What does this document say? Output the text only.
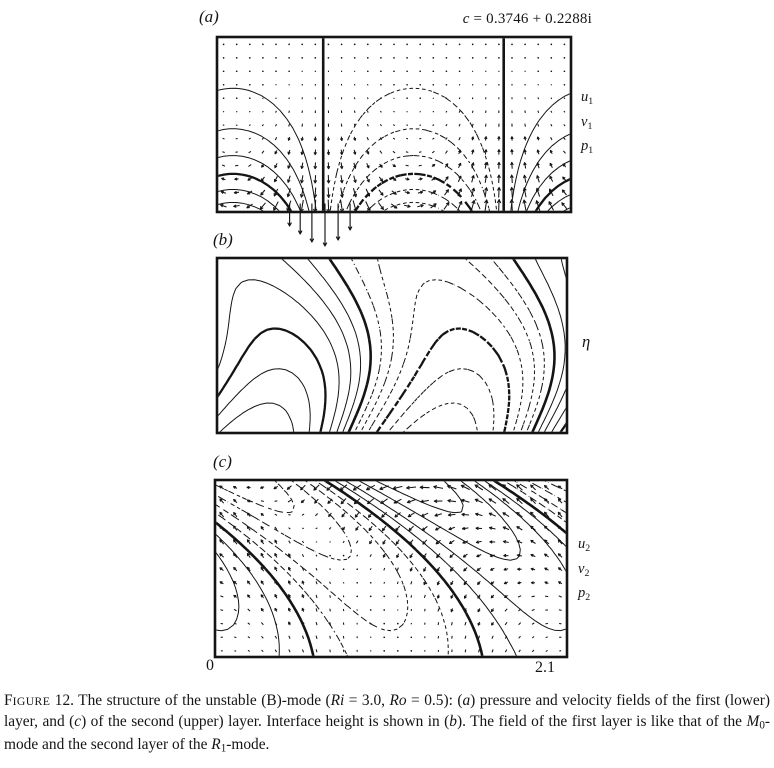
(a)	c = 0.3746 + 0.2288i
u1
v1
p1
(b)
η
(c)
u2
v2
p2
0	2.1

FIGURE 12. The structure of the unstable (B)-mode (Ri = 3.0, Ro = 0.5): (a) pressure and velocity fields of the first (lower) layer, and (c) of the second (upper) layer. Interface height is shown in (b). The field of the first layer is like that of the M0-mode and the second layer of the R1-mode.
